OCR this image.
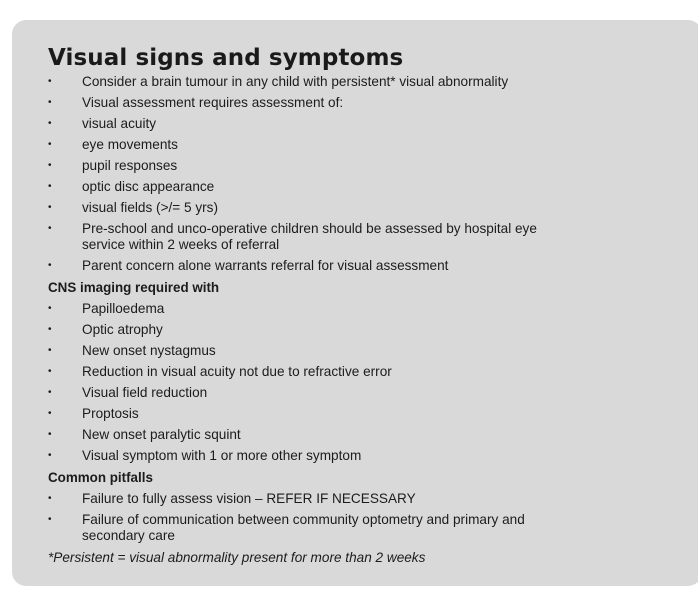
Visual signs and symptoms
• Consider a brain tumour in any child with persistent* visual abnormality
• Visual assessment requires assessment of:
• visual acuity
• eye movements
• pupil responses
• optic disc appearance
• visual fields (>/= 5 yrs)
• Pre-school and unco-operative children should be assessed by hospital eye service within 2 weeks of referral
• Parent concern alone warrants referral for visual assessment
CNS imaging required with
• Papilloedema
• Optic atrophy
• New onset nystagmus
• Reduction in visual acuity not due to refractive error
• Visual field reduction
• Proptosis
• New onset paralytic squint
• Visual symptom with 1 or more other symptom
Common pitfalls
• Failure to fully assess vision – REFER IF NECESSARY
• Failure of communication between community optometry and primary and secondary care
*Persistent = visual abnormality present for more than 2 weeks
